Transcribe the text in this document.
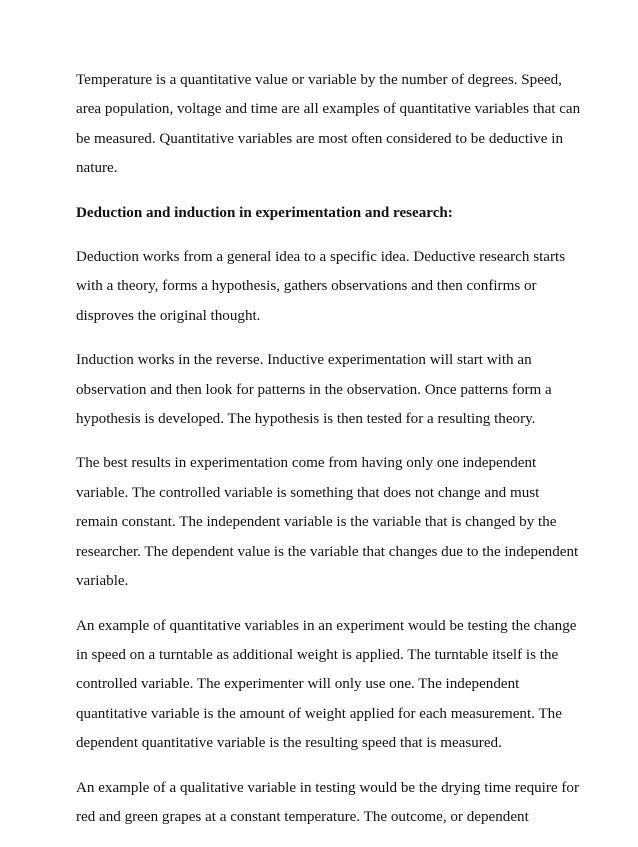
Temperature is a quantitative value or variable by the number of degrees. Speed,
area population, voltage and time are all examples of quantitative variables that can
be measured. Quantitative variables are most often considered to be deductive in
nature.

Deduction and induction in experimentation and research:

Deduction works from a general idea to a specific idea. Deductive research starts
with a theory, forms a hypothesis, gathers observations and then confirms or
disproves the original thought.

Induction works in the reverse. Inductive experimentation will start with an
observation and then look for patterns in the observation. Once patterns form a
hypothesis is developed. The hypothesis is then tested for a resulting theory.

The best results in experimentation come from having only one independent
variable. The controlled variable is something that does not change and must
remain constant. The independent variable is the variable that is changed by the
researcher. The dependent value is the variable that changes due to the independent
variable.

An example of quantitative variables in an experiment would be testing the change
in speed on a turntable as additional weight is applied. The turntable itself is the
controlled variable. The experimenter will only use one. The independent
quantitative variable is the amount of weight applied for each measurement. The
dependent quantitative variable is the resulting speed that is measured.

An example of a qualitative variable in testing would be the drying time require for
red and green grapes at a constant temperature. The outcome, or dependent
